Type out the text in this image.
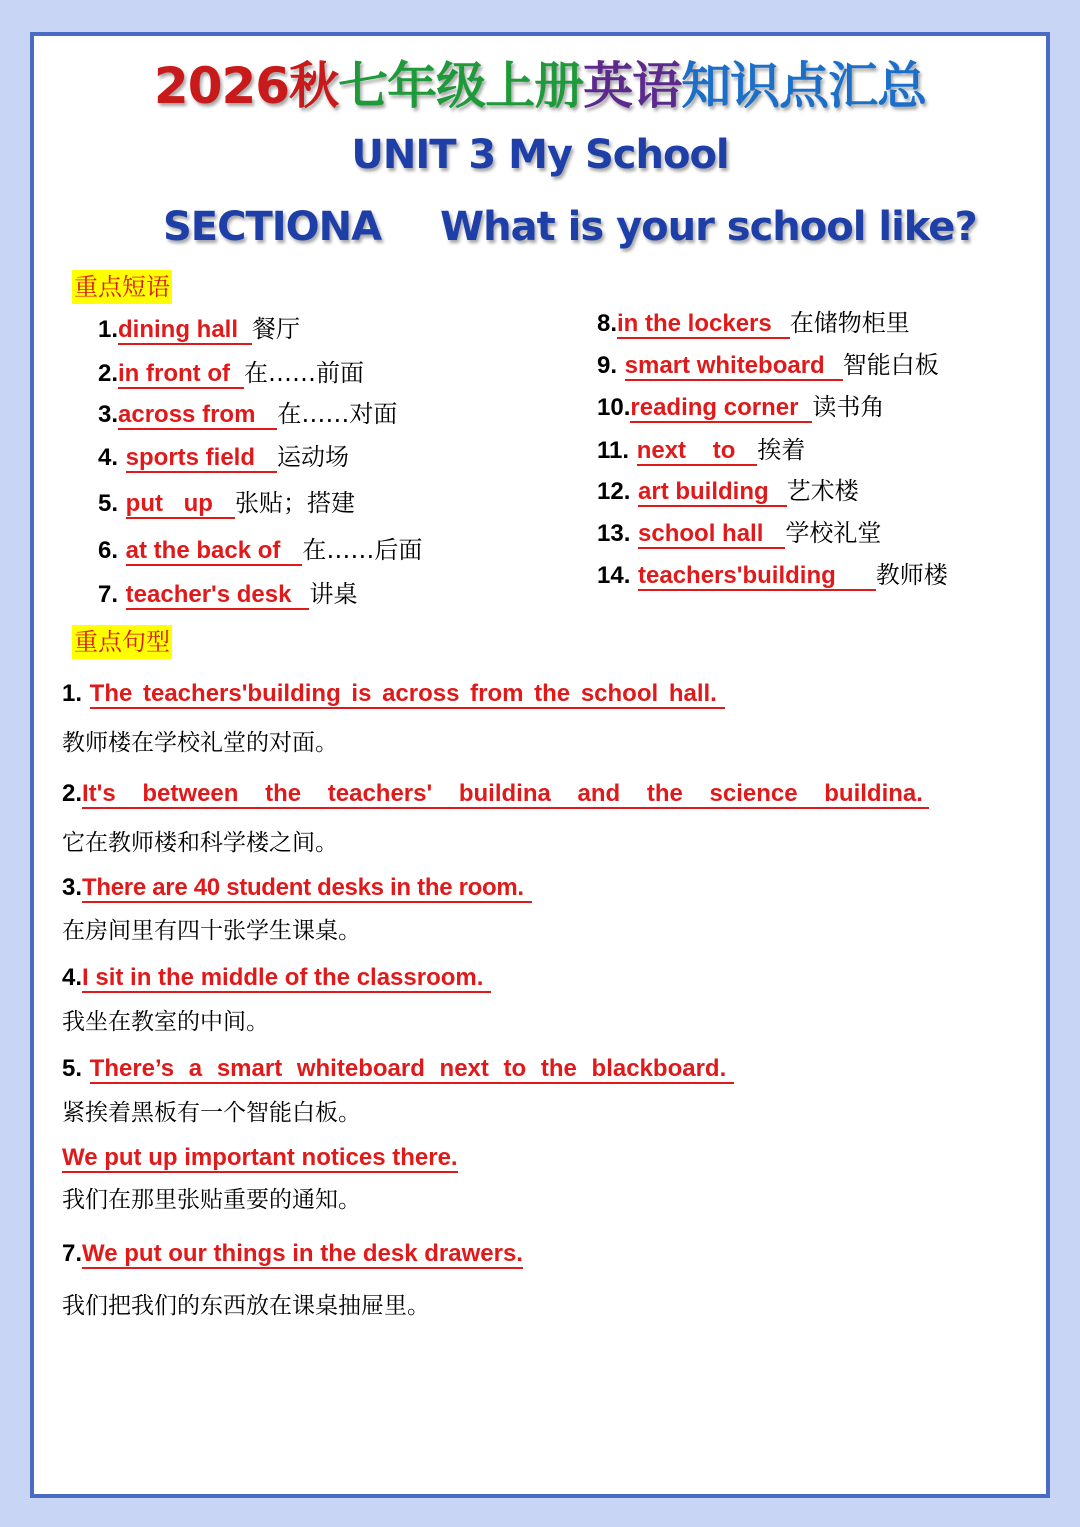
2026秋七年级上册英语知识点汇总
UNIT 3 My School
SECTIONA What is your school like?
重点短语
1.dining hall 餐厅
2.in front of 在……前面
3.across from 在……对面
4. sports field 运动场
5. put up 张贴；搭建
6. at the back of 在……后面
7. teacher's desk 讲桌
8.in the lockers 在储物柜里
9. smart whiteboard 智能白板
10.reading corner 读书角
11. next to 挨着
12. art building 艺术楼
13. school hall 学校礼堂
14. teachers'building 教师楼
重点句型
1. The teachers'building is across from the school hall.
教师楼在学校礼堂的对面。
2.It's between the teachers' buildina and the science buildina.
它在教师楼和科学楼之间。
3.There are 40 student desks in the room.
在房间里有四十张学生课桌。
4.I sit in the middle of the classroom.
我坐在教室的中间。
5. There’s a smart whiteboard next to the blackboard.
紧挨着黑板有一个智能白板。
We put up important notices there.
我们在那里张贴重要的通知。
7.We put our things in the desk drawers.
我们把我们的东西放在课桌抽屉里。
